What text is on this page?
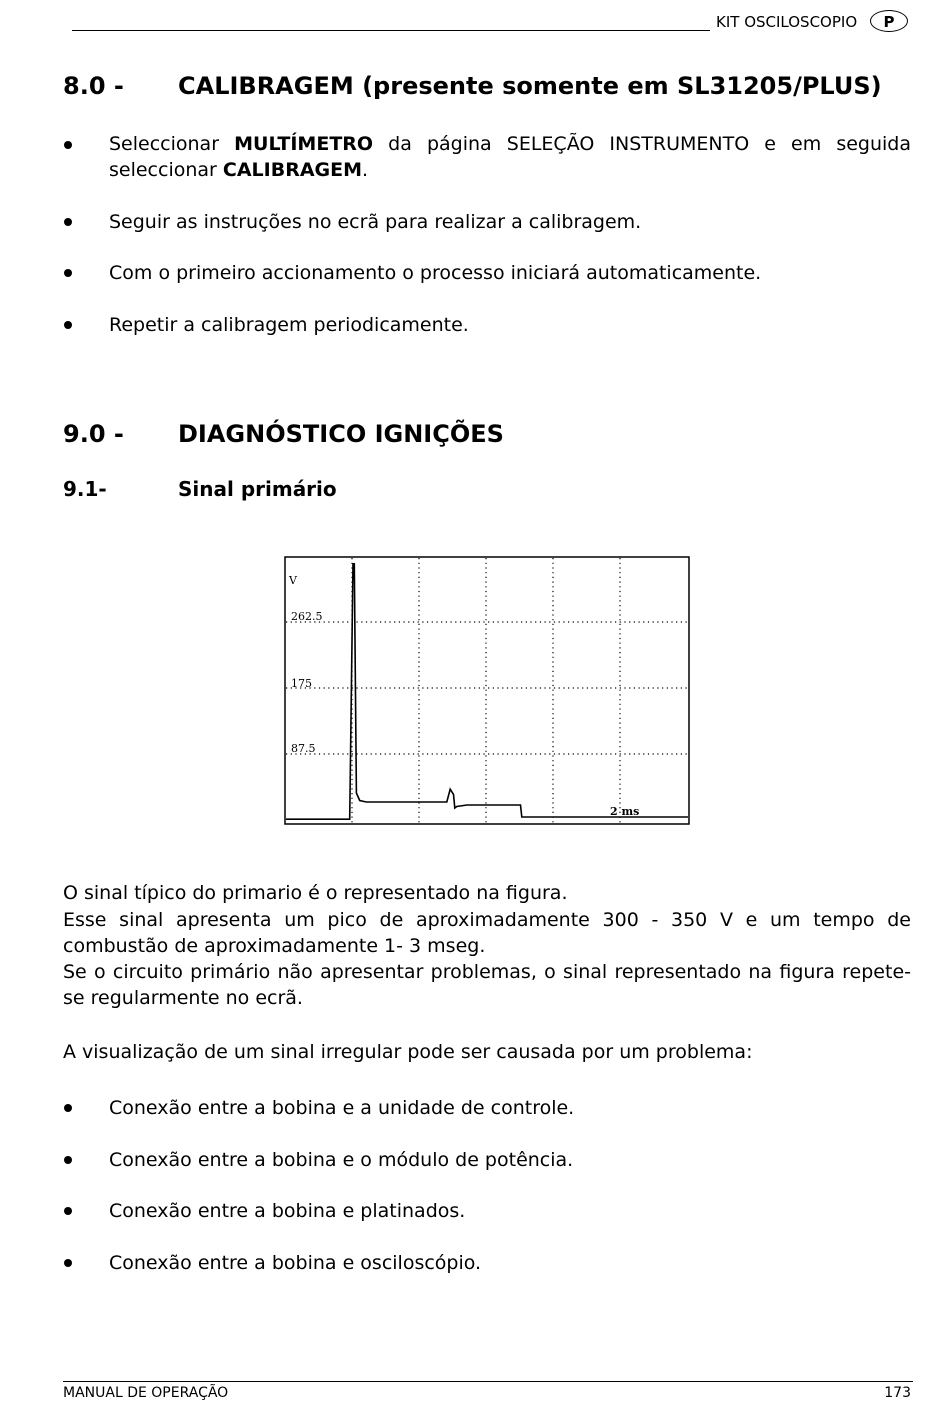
KIT OSCILOSCOPIO	P
8.0 - CALIBRAGEM (presente somente em SL31205/PLUS)
Seleccionar MULTÍMETRO da página SELEÇÃO INSTRUMENTO e em seguida
seleccionar CALIBRAGEM.
Seguir as instruções no ecrã para realizar a calibragem.
Com o primeiro accionamento o processo iniciará automaticamente.
Repetir a calibragem periodicamente.
9.0 - DIAGNÓSTICO IGNIÇÕES
9.1-	Sinal primário
V
262.5
175
87.5
2 ms
O sinal típico do primario é o representado na figura.
Esse sinal apresenta um pico de aproximadamente 300 - 350 V e um tempo de
combustão de aproximadamente 1- 3 mseg.
Se o circuito primário não apresentar problemas, o sinal representado na figura repete-
se regularmente no ecrã.
A visualização de um sinal irregular pode ser causada por um problema:
Conexão entre a bobina e a unidade de controle.
Conexão entre a bobina e o módulo de potência.
Conexão entre a bobina e platinados.
Conexão entre a bobina e osciloscópio.
MANUAL DE OPERAÇÃO	173
